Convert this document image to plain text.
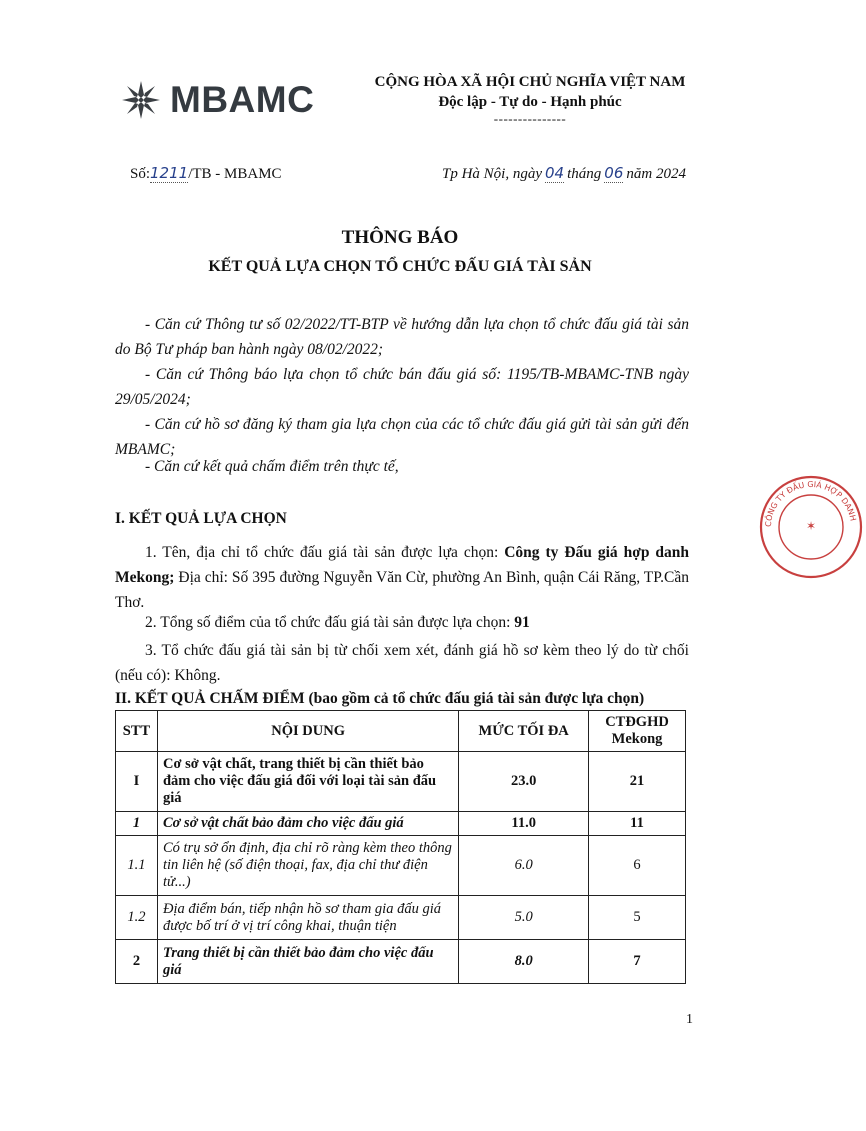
MBAMC	CỘNG HÒA XÃ HỘI CHỦ NGHĨA VIỆT NAM
Độc lập - Tự do - Hạnh phúc
---------------
Số: 1211 /TB - MBAMC	Tp Hà Nội, ngày 04 tháng 06 năm 2024
THÔNG BÁO
KẾT QUẢ LỰA CHỌN TỔ CHỨC ĐẤU GIÁ TÀI SẢN
- Căn cứ Thông tư số 02/2022/TT-BTP về hướng dẫn lựa chọn tổ chức đấu giá tài sản do Bộ Tư pháp ban hành ngày 08/02/2022;
- Căn cứ Thông báo lựa chọn tổ chức bán đấu giá số: 1195/TB-MBAMC-TNB ngày 29/05/2024;
- Căn cứ hồ sơ đăng ký tham gia lựa chọn của các tổ chức đấu giá gửi tài sản gửi đến MBAMC;
- Căn cứ kết quả chấm điểm trên thực tế,
I. KẾT QUẢ LỰA CHỌN
1. Tên, địa chỉ tổ chức đấu giá tài sản được lựa chọn: Công ty Đấu giá hợp danh Mekong; Địa chỉ: Số 395 đường Nguyễn Văn Cừ, phường An Bình, quận Cái Răng, TP.Cần Thơ.
2. Tổng số điểm của tổ chức đấu giá tài sản được lựa chọn: 91
3. Tổ chức đấu giá tài sản bị từ chối xem xét, đánh giá hồ sơ kèm theo lý do từ chối (nếu có): Không.
II. KẾT QUẢ CHẤM ĐIỂM (bao gồm cả tổ chức đấu giá tài sản được lựa chọn)
STT	NỘI DUNG	MỨC TỐI ĐA	CTĐGHD Mekong
I	Cơ sở vật chất, trang thiết bị cần thiết bảo đảm cho việc đấu giá đối với loại tài sản đấu giá	23.0	21
1	Cơ sở vật chất bảo đảm cho việc đấu giá	11.0	11
1.1	Có trụ sở ổn định, địa chỉ rõ ràng kèm theo thông tin liên hệ (số điện thoại, fax, địa chỉ thư điện tử...)	6.0	6
1.2	Địa điểm bán, tiếp nhận hồ sơ tham gia đấu giá được bố trí ở vị trí công khai, thuận tiện	5.0	5
2	Trang thiết bị cần thiết bảo đảm cho việc đấu giá	8.0	7
1
CÔNG TY ĐẤU GIÁ HỢP DANH
✶
